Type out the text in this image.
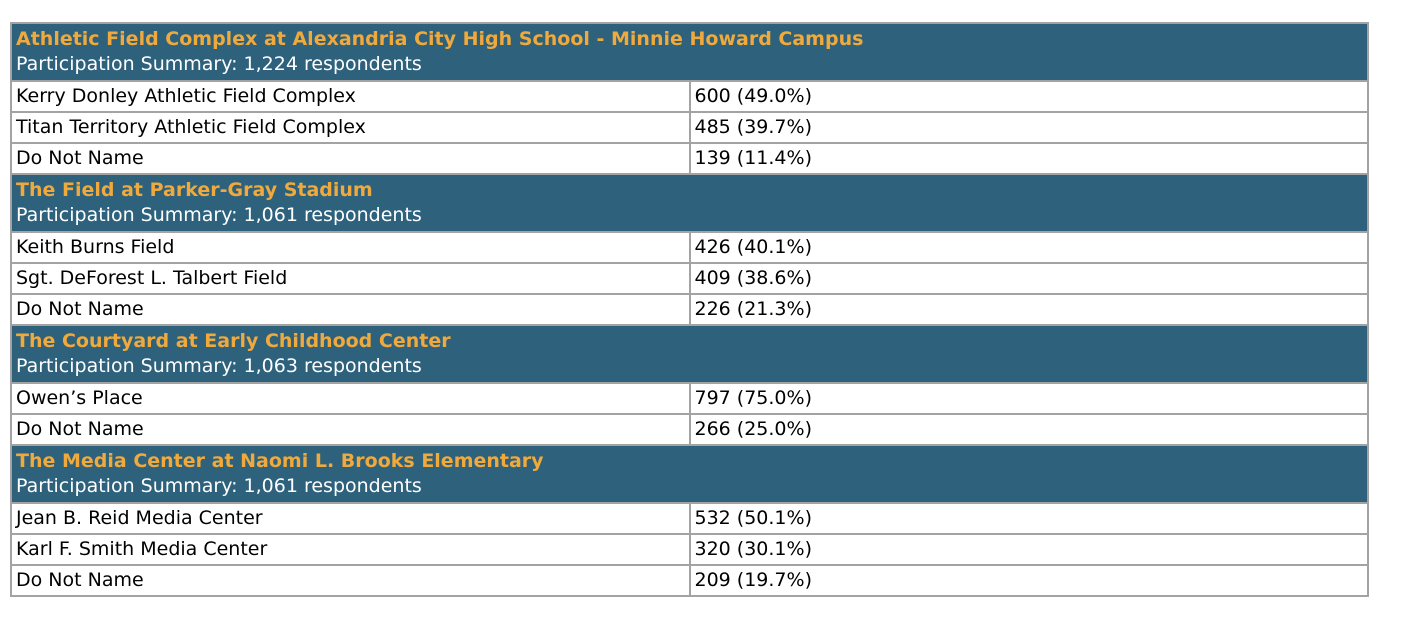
Athletic Field Complex at Alexandria City High School - Minnie Howard Campus
Participation Summary: 1,224 respondents	

Kerry Donley Athletic Field Complex	600 (49.0%)
Titan Territory Athletic Field Complex	485 (39.7%)
Do Not Name	139 (11.4%)

The Field at Parker-Gray Stadium
Participation Summary: 1,061 respondents	

Keith Burns Field	426 (40.1%)
Sgt. DeForest L. Talbert Field	409 (38.6%)
Do Not Name	226 (21.3%)

The Courtyard at Early Childhood Center
Participation Summary: 1,063 respondents	

Owen’s Place	797 (75.0%)
Do Not Name	266 (25.0%)

The Media Center at Naomi L. Brooks Elementary
Participation Summary: 1,061 respondents	

Jean B. Reid Media Center	532 (50.1%)
Karl F. Smith Media Center	320 (30.1%)
Do Not Name	209 (19.7%)
